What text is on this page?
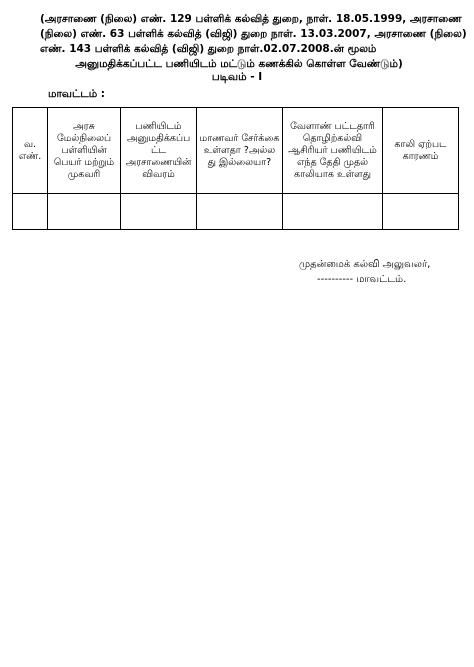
(அரசாணை (நிலை) எண். 129 பள்ளிக் கல்வித் துறை, நாள். 18.05.1999, அரசாணை
(நிலை) எண். 63 பள்ளிக் கல்வித் (விஜி) துறை நாள். 13.03.2007, அரசாணை (நிலை)
எண். 143 பள்ளிக் கல்வித் (விஜி) துறை நாள்.02.07.2008.ன் மூலம்
அனுமதிக்கப்பட்ட பணியிடம் மட்டும் கணக்கில் கொள்ள வேண்டும்)
படிவம் - I
மாவட்டம் :
வ. எண்.	அரசு மேல்நிலைப் பள்ளியின் பெயர் மற்றும் முகவரி	பணியிடம் அனுமதிக்கப்ப ட்ட அரசாணையின் விவரம்	மாணவர் சேர்க்கை உள்ளதா ?அல்ல து இல்லையா?	வேளாண் பட்டதாரி தொழிற்கல்வி ஆசிரியர் பணியிடம் எந்த தேதி முதல் காலியாக உள்ளது	காலி ஏற்பட காரணம்

முதன்மைக் கல்வி அலுவலர்,
---------- மாவட்டம்.
